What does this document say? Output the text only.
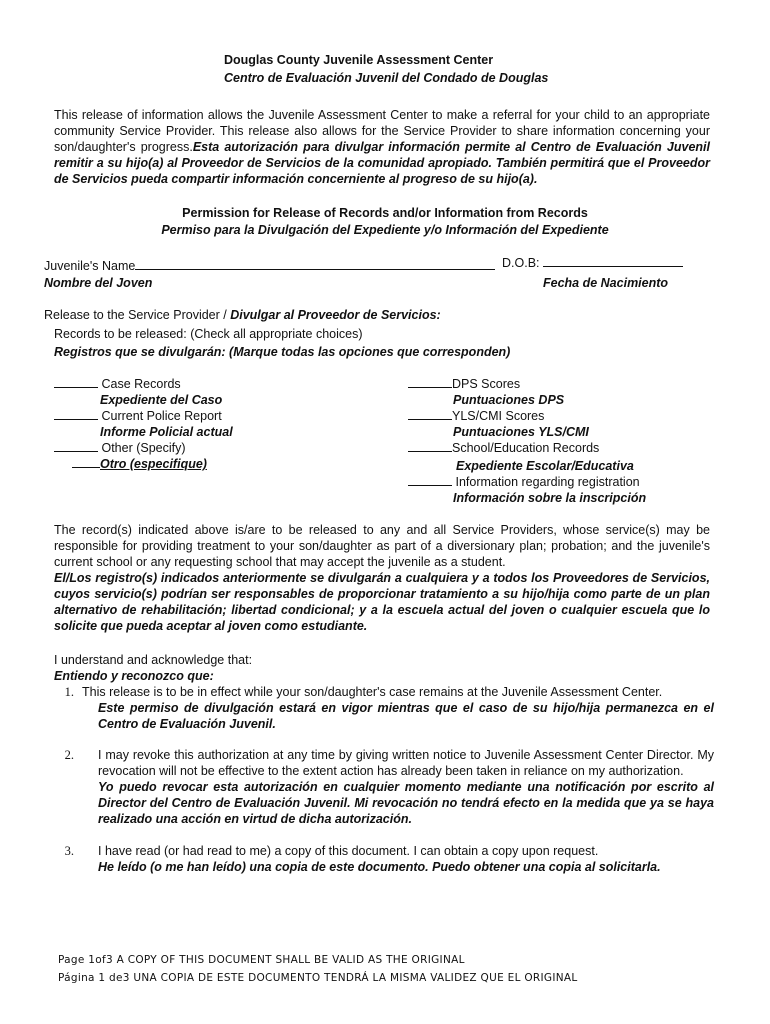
Douglas County Juvenile Assessment Center
Centro de Evaluación Juvenil del Condado de Douglas
This release of information allows the Juvenile Assessment Center to make a referral for your child to an appropriate community Service Provider. This release also allows for the Service Provider to share information concerning your son/daughter's progress.Esta autorización para divulgar información permite al Centro de Evaluación Juvenil remitir a su hijo(a) al Proveedor de Servicios de la comunidad apropiado. También permitirá que el Proveedor de Servicios pueda compartir información concerniente al progreso de su hijo(a).
Permission for Release of Records and/or Information from Records
Permiso para la Divulgación del Expediente y/o Información del Expediente
Juvenile's Name	D.O.B:
Nombre del Joven	Fecha de Nacimiento
Release to the Service Provider / Divulgar al Proveedor de Servicios:
Records to be released: (Check all appropriate choices)
Registros que se divulgarán: (Marque todas las opciones que corresponden)
Case Records
Expediente del Caso
Current Police Report
Informe Policial actual
Other (Specify)
Otro (especifique)
DPS Scores
Puntuaciones DPS
YLS/CMI Scores
Puntuaciones YLS/CMI
School/Education Records
Expediente Escolar/Educativa
Information regarding registration
Información sobre la inscripción
The record(s) indicated above is/are to be released to any and all Service Providers, whose service(s) may be responsible for providing treatment to your son/daughter as part of a diversionary plan; probation; and the juvenile's current school or any requesting school that may accept the juvenile as a student.
El/Los registro(s) indicados anteriormente se divulgarán a cualquiera y a todos los Proveedores de Servicios, cuyos servicio(s) podrían ser responsables de proporcionar tratamiento a su hijo/hija como parte de un plan alternativo de rehabilitación; libertad condicional; y a la escuela actual del joven o cualquier escuela que lo solicite que pueda aceptar al joven como estudiante.
I understand and acknowledge that:
Entiendo y reconozco que:
1. This release is to be in effect while your son/daughter's case remains at the Juvenile Assessment Center.
Este permiso de divulgación estará en vigor mientras que el caso de su hijo/hija permanezca en el Centro de Evaluación Juvenil.
2.	I may revoke this authorization at any time by giving written notice to Juvenile Assessment Center Director. My revocation will not be effective to the extent action has already been taken in reliance on my authorization.
Yo puedo revocar esta autorización en cualquier momento mediante una notificación por escrito al Director del Centro de Evaluación Juvenil. Mi revocación no tendrá efecto en la medida que ya se haya realizado una acción en virtud de dicha autorización.
3.	I have read (or had read to me) a copy of this document. I can obtain a copy upon request.
He leído (o me han leído) una copia de este documento. Puedo obtener una copia al solicitarla.
Page 1of3 A COPY OF THIS DOCUMENT SHALL BE VALID AS THE ORIGINAL
Página 1 de3 UNA COPIA DE ESTE DOCUMENTO TENDRÁ LA MISMA VALIDEZ QUE EL ORIGINAL
